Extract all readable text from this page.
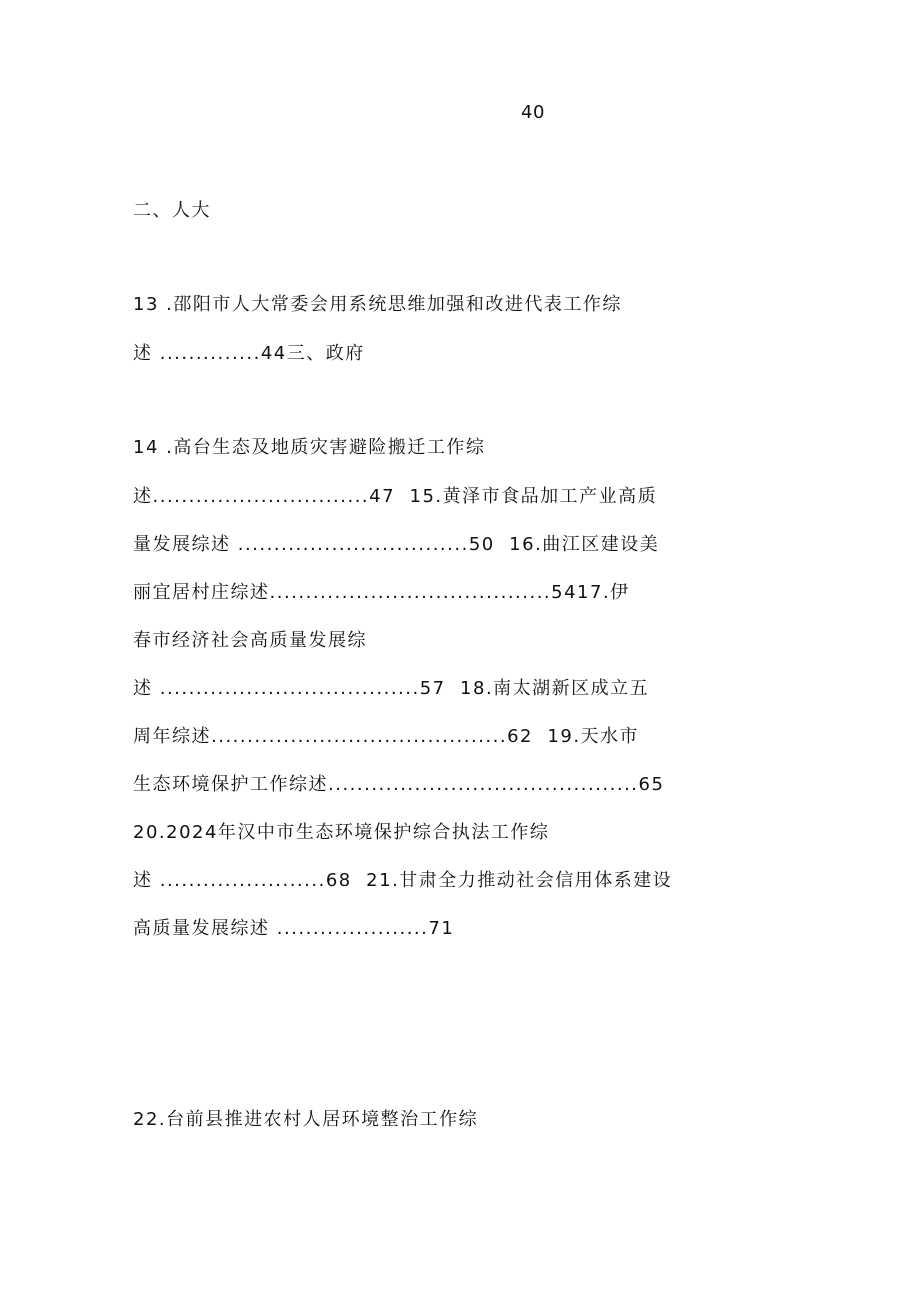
40
二、人大
13 .邵阳市人大常委会用系统思维加强和改进代表工作综
述 ..............44三、政府
14 .高台生态及地质灾害避险搬迁工作综
述..............................47  15.黄泽市食品加工产业高质
量发展综述 ................................50  16.曲江区建设美
丽宜居村庄综述.......................................5417.伊
春市经济社会高质量发展综
述 ....................................57  18.南太湖新区成立五
周年综述.........................................62  19.天水市
生态环境保护工作综述...........................................65
20.2024年汉中市生态环境保护综合执法工作综
述 .......................68  21.甘肃全力推动社会信用体系建设
高质量发展综述 .....................71
22.台前县推进农村人居环境整治工作综
